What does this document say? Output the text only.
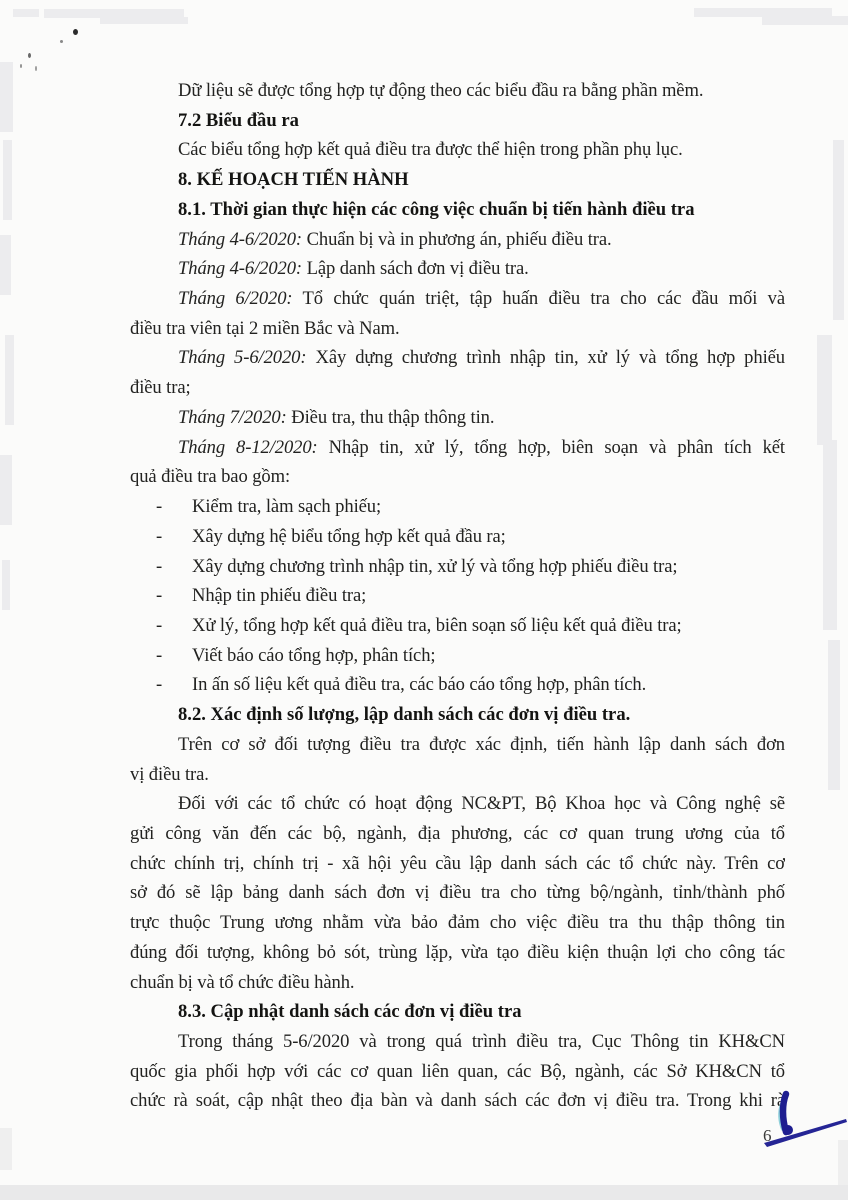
Dữ liệu sẽ được tổng hợp tự động theo các biểu đầu ra bằng phần mềm.
7.2 Biểu đầu ra
Các biểu tổng hợp kết quả điều tra được thể hiện trong phần phụ lục.
8. KẾ HOẠCH TIẾN HÀNH
8.1. Thời gian thực hiện các công việc chuẩn bị tiến hành điều tra
Tháng 4-6/2020: Chuẩn bị và in phương án, phiếu điều tra.
Tháng 4-6/2020: Lập danh sách đơn vị điều tra.
Tháng 6/2020: Tổ chức quán triệt, tập huấn điều tra cho các đầu mối và
điều tra viên tại 2 miền Bắc và Nam.
Tháng 5-6/2020: Xây dựng chương trình nhập tin, xử lý và tổng hợp phiếu
điều tra;
Tháng 7/2020: Điều tra, thu thập thông tin.
Tháng 8-12/2020: Nhập tin, xử lý, tổng hợp, biên soạn và phân tích kết
quả điều tra bao gồm:
- Kiểm tra, làm sạch phiếu;
- Xây dựng hệ biểu tổng hợp kết quả đầu ra;
- Xây dựng chương trình nhập tin, xử lý và tổng hợp phiếu điều tra;
- Nhập tin phiếu điều tra;
- Xử lý, tổng hợp kết quả điều tra, biên soạn số liệu kết quả điều tra;
- Viết báo cáo tổng hợp, phân tích;
- In ấn số liệu kết quả điều tra, các báo cáo tổng hợp, phân tích.
8.2. Xác định số lượng, lập danh sách các đơn vị điều tra.
Trên cơ sở đối tượng điều tra được xác định, tiến hành lập danh sách đơn
vị điều tra.
Đối với các tổ chức có hoạt động NC&PT, Bộ Khoa học và Công nghệ sẽ
gửi công văn đến các bộ, ngành, địa phương, các cơ quan trung ương của tổ
chức chính trị, chính trị - xã hội yêu cầu lập danh sách các tổ chức này. Trên cơ
sở đó sẽ lập bảng danh sách đơn vị điều tra cho từng bộ/ngành, tỉnh/thành phố
trực thuộc Trung ương nhằm vừa bảo đảm cho việc điều tra thu thập thông tin
đúng đối tượng, không bỏ sót, trùng lặp, vừa tạo điều kiện thuận lợi cho công tác
chuẩn bị và tổ chức điều hành.
8.3. Cập nhật danh sách các đơn vị điều tra
Trong tháng 5-6/2020 và trong quá trình điều tra, Cục Thông tin KH&CN
quốc gia phối hợp với các cơ quan liên quan, các Bộ, ngành, các Sở KH&CN tổ
chức rà soát, cập nhật theo địa bàn và danh sách các đơn vị điều tra. Trong khi rà
6
